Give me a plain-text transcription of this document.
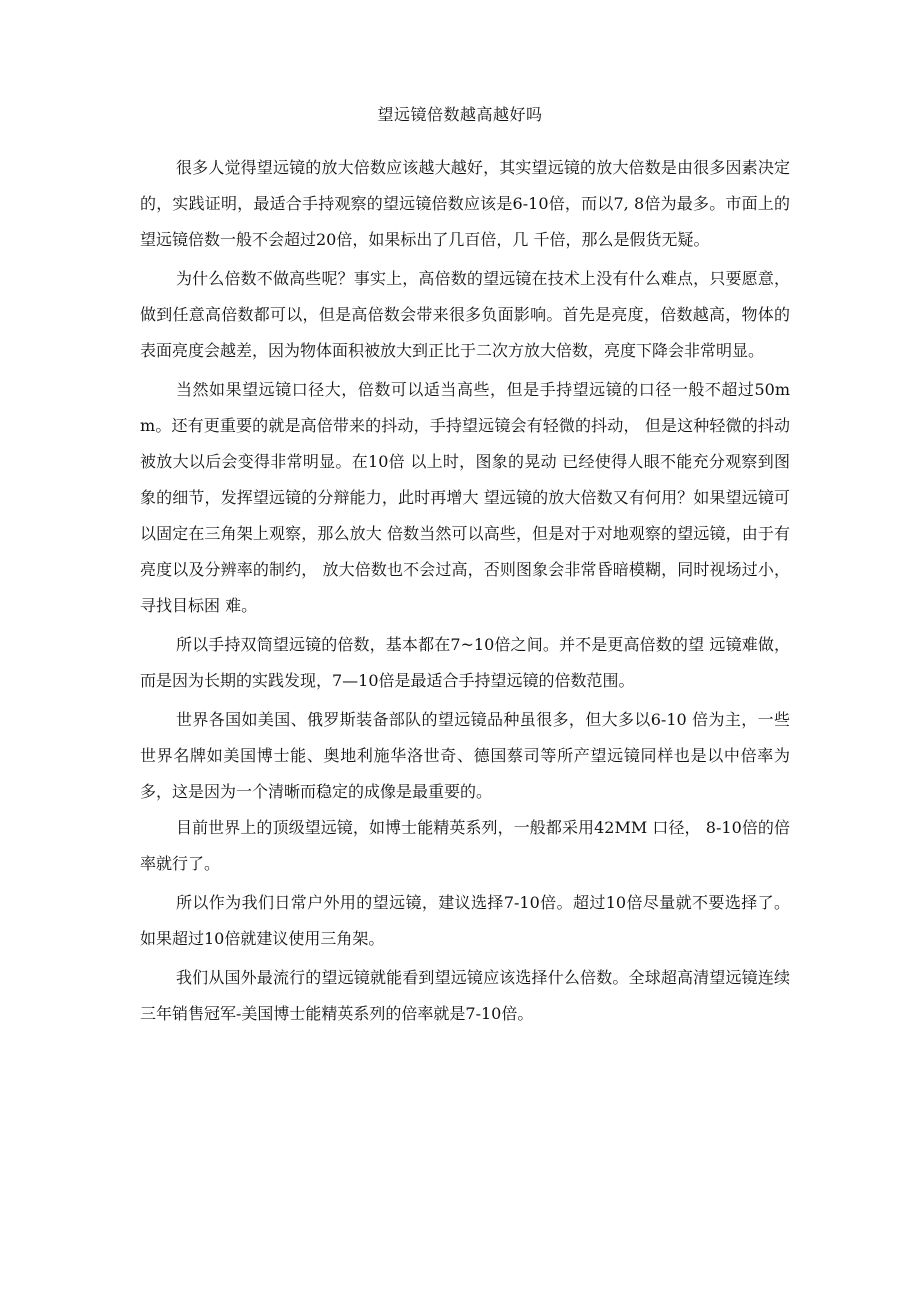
望远镜倍数越高越好吗

很多人觉得望远镜的放大倍数应该越大越好，其实望远镜的放大倍数是由很多因素决定的，实践证明，最适合手持观察的望远镜倍数应该是6-10倍，而以7, 8倍为最多。市面上的望远镜倍数一般不会超过20倍，如果标出了几百倍，几 千倍，那么是假货无疑。

为什么倍数不做高些呢？事实上，高倍数的望远镜在技术上没有什么难点，只要愿意，做到任意高倍数都可以，但是高倍数会带来很多负面影响。首先是亮度，倍数越高，物体的表面亮度会越差，因为物体面积被放大到正比于二次方放大倍数，亮度下降会非常明显。

当然如果望远镜口径大，倍数可以适当高些，但是手持望远镜的口径一般不超过50mm。还有更重要的就是高倍带来的抖动，手持望远镜会有轻微的抖动， 但是这种轻微的抖动被放大以后会变得非常明显。在10倍 以上时，图象的晃动 已经使得人眼不能充分观察到图象的细节，发挥望远镜的分辩能力，此时再增大 望远镜的放大倍数又有何用？如果望远镜可以固定在三角架上观察，那么放大 倍数当然可以高些，但是对于对地观察的望远镜，由于有亮度以及分辨率的制约， 放大倍数也不会过高，否则图象会非常昏暗模糊，同时视场过小，寻找目标困 难。

所以手持双筒望远镜的倍数，基本都在7~10倍之间。并不是更高倍数的望 远镜难做，而是因为长期的实践发现，7—10倍是最适合手持望远镜的倍数范围。

世界各国如美国、俄罗斯装备部队的望远镜品种虽很多，但大多以6-10 倍为主，一些世界名牌如美国博士能、奥地利施华洛世奇、德国蔡司等所产望远镜同样也是以中倍率为多，这是因为一个清晰而稳定的成像是最重要的。

目前世界上的顶级望远镜，如博士能精英系列，一般都采用42MM 口径， 8-10倍的倍率就行了。

所以作为我们日常户外用的望远镜，建议选择7-10倍。超过10倍尽量就不要选择了。如果超过10倍就建议使用三角架。

我们从国外最流行的望远镜就能看到望远镜应该选择什么倍数。全球超高清望远镜连续三年销售冠军-美国博士能精英系列的倍率就是7-10倍。
